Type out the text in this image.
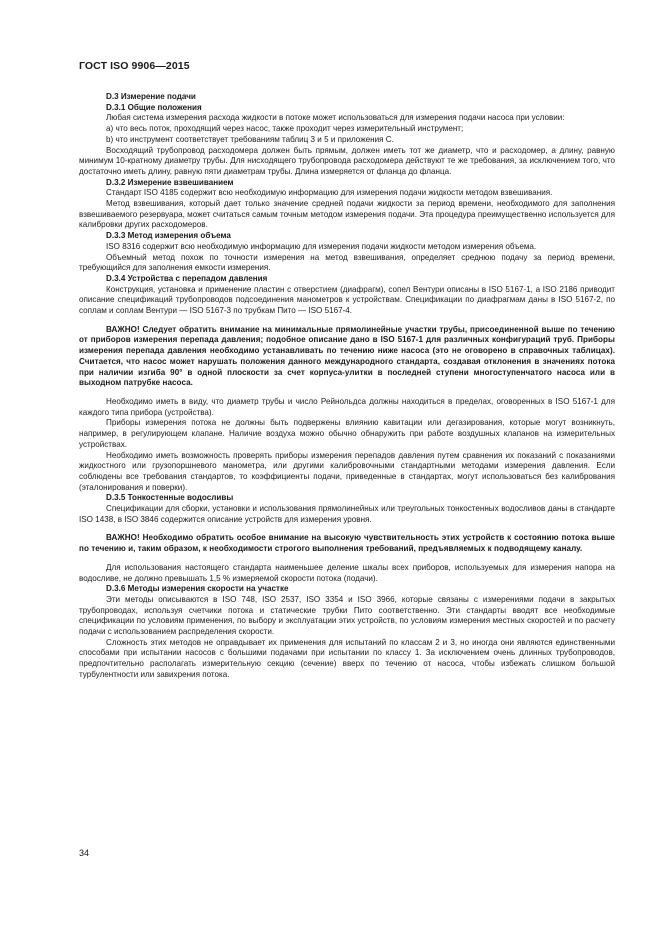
ГОСТ ISO 9906—2015

D.3 Измерение подачи

D.3.1 Общие положения

Любая система измерения расхода жидкости в потоке может использоваться для измерения подачи насоса при условии:

а) что весь поток, проходящий через насос, также проходит через измерительный инструмент;

b) что инструмент соответствует требованиям таблиц 3 и 5 и приложения С.

Восходящий трубопровод расходомера должен быть прямым, должен иметь тот же диаметр, что и расходомер, а длину, равную минимум 10-кратному диаметру трубы. Для нисходящего трубопровода расходомера действуют те же требования, за исключением того, что достаточно иметь длину, равную пяти диаметрам трубы. Длина измеряется от фланца до фланца.

D.3.2 Измерение взвешиванием

Стандарт ISO 4185 содержит всю необходимую информацию для измерения подачи жидкости методом взвешивания.

Метод взвешивания, который дает только значение средней подачи жидкости за период времени, необходимого для заполнения взвешиваемого резервуара, может считаться самым точным методом измерения подачи. Эта процедура преимущественно используется для калибровки других расходомеров.

D.3.3 Метод измерения объема

ISO 8316 содержит всю необходимую информацию для измерения подачи жидкости методом измерения объема.

Объемный метод похож по точности измерения на метод взвешивания, определяет среднюю подачу за период времени, требующийся для заполнения емкости измерения.

D.3.4 Устройства с перепадом давления

Конструкция, установка и применение пластин с отверстием (диафрагм), сопел Вентури описаны в ISO 5167-1, а ISO 2186 приводит описание спецификаций трубопроводов подсоединения манометров к устройствам. Спецификации по диафрагмам даны в ISO 5167-2, по соплам и соплам Вентури — ISO 5167-3 по трубкам Пито — ISO 5167-4.

ВАЖНО! Следует обратить внимание на минимальные прямолинейные участки трубы, присоединенной выше по течению от приборов измерения перепада давления; подобное описание дано в ISO 5167-1 для различных конфигураций труб. Приборы измерения перепада давления необходимо устанавливать по течению ниже насоса (это не оговорено в справочных таблицах). Считается, что насос может нарушать положения данного международного стандарта, создавая отклонения в значениях потока при наличии изгиба 90° в одной плоскости за счет корпуса-улитки в последней ступени многоступенчатого насоса или в выходном патрубке насоса.

Необходимо иметь в виду, что диаметр трубы и число Рейнольдса должны находиться в пределах, оговоренных в ISO 5167-1 для каждого типа прибора (устройства).

Приборы измерения потока не должны быть подвержены влиянию кавитации или дегазирования, которые могут возникнуть, например, в регулирующем клапане. Наличие воздуха можно обычно обнаружить при работе воздушных клапанов на измерительных устройствах.

Необходимо иметь возможность проверять приборы измерения перепадов давления путем сравнения их показаний с показаниями жидкостного или грузопоршневого манометра, или другими калибровочными стандартными методами измерения давления. Если соблюдены все требования стандартов, то коэффициенты подачи, приведенные в стандартах, могут использоваться без калибрования (эталонирования и поверки).

D.3.5 Тонкостенные водосливы

Спецификации для сборки, установки и использования прямолинейных или треугольных тонкостенных водосливов даны в стандарте ISO 1438, в ISO 3846 содержится описание устройств для измерения уровня.

ВАЖНО! Необходимо обратить особое внимание на высокую чувствительность этих устройств к состоянию потока выше по течению и, таким образом, к необходимости строгого выполнения требований, предъявляемых к подводящему каналу.

Для использования настоящего стандарта наименьшее деление шкалы всех приборов, используемых для измерения напора на водосливе, не должно превышать 1,5 % измеряемой скорости потока (подачи).

D.3.6 Методы измерения скорости на участке

Эти методы описываются в ISO 748, ISO 2537, ISO 3354 и ISO 3966, которые связаны с измерениями подачи в закрытых трубопроводах, используя счетчики потока и статические трубки Пито соответственно. Эти стандарты вводят все необходимые спецификации по условиям применения, по выбору и эксплуатации этих устройств, по условиям измерения местных скоростей и по расчету подачи с использованием распределения скорости.

Сложность этих методов не оправдывает их применения для испытаний по классам 2 и 3, но иногда они являются единственными способами при испытании насосов с большими подачами при испытании по классу 1. За исключением очень длинных трубопроводов, предпочтительно располагать измерительную секцию (сечение) вверх по течению от насоса, чтобы избежать слишком большой турбулентности или завихрения потока.

34
